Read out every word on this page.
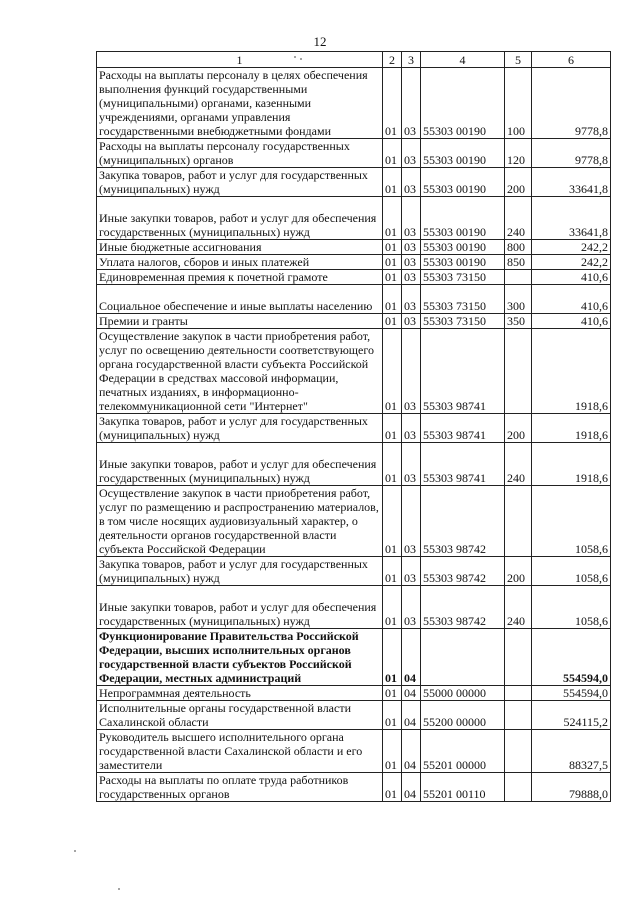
12
1	2	3	4	5	6
Расходы на выплаты персоналу в целях обеспечения выполнения функций государственными (муниципальными) органами, казенными учреждениями, органами управления государственными внебюджетными фондами	01	03	55303 00190	100	9778,8
Расходы на выплаты персоналу государственных (муниципальных) органов	01	03	55303 00190	120	9778,8
Закупка товаров, работ и услуг для государственных (муниципальных) нужд	01	03	55303 00190	200	33641,8
Иные закупки товаров, работ и услуг для обеспечения государственных (муниципальных) нужд	01	03	55303 00190	240	33641,8
Иные бюджетные ассигнования	01	03	55303 00190	800	242,2
Уплата налогов, сборов и иных платежей	01	03	55303 00190	850	242,2
Единовременная премия к почетной грамоте	01	03	55303 73150		410,6
Социальное обеспечение и иные выплаты населению	01	03	55303 73150	300	410,6
Премии и гранты	01	03	55303 73150	350	410,6
Осуществление закупок в части приобретения работ, услуг по освещению деятельности соответствующего органа государственной власти субъекта Российской Федерации в средствах массовой информации, печатных изданиях, в информационно-телекоммуникационной сети "Интернет"	01	03	55303 98741		1918,6
Закупка товаров, работ и услуг для государственных (муниципальных) нужд	01	03	55303 98741	200	1918,6
Иные закупки товаров, работ и услуг для обеспечения государственных (муниципальных) нужд	01	03	55303 98741	240	1918,6
Осуществление закупок в части приобретения работ, услуг по размещению и распространению материалов, в том числе носящих аудиовизуальный характер, о деятельности органов государственной власти субъекта Российской Федерации	01	03	55303 98742		1058,6
Закупка товаров, работ и услуг для государственных (муниципальных) нужд	01	03	55303 98742	200	1058,6
Иные закупки товаров, работ и услуг для обеспечения государственных (муниципальных) нужд	01	03	55303 98742	240	1058,6
Функционирование Правительства Российской Федерации, высших исполнительных органов государственной власти субъектов Российской Федерации, местных администраций	01	04			554594,0
Непрограммная деятельность	01	04	55000 00000		554594,0
Исполнительные органы государственной власти Сахалинской области	01	04	55200 00000		524115,2
Руководитель высшего исполнительного органа государственной власти Сахалинской области и его заместители	01	04	55201 00000		88327,5
Расходы на выплаты по оплате труда работников государственных органов	01	04	55201 00110		79888,0
